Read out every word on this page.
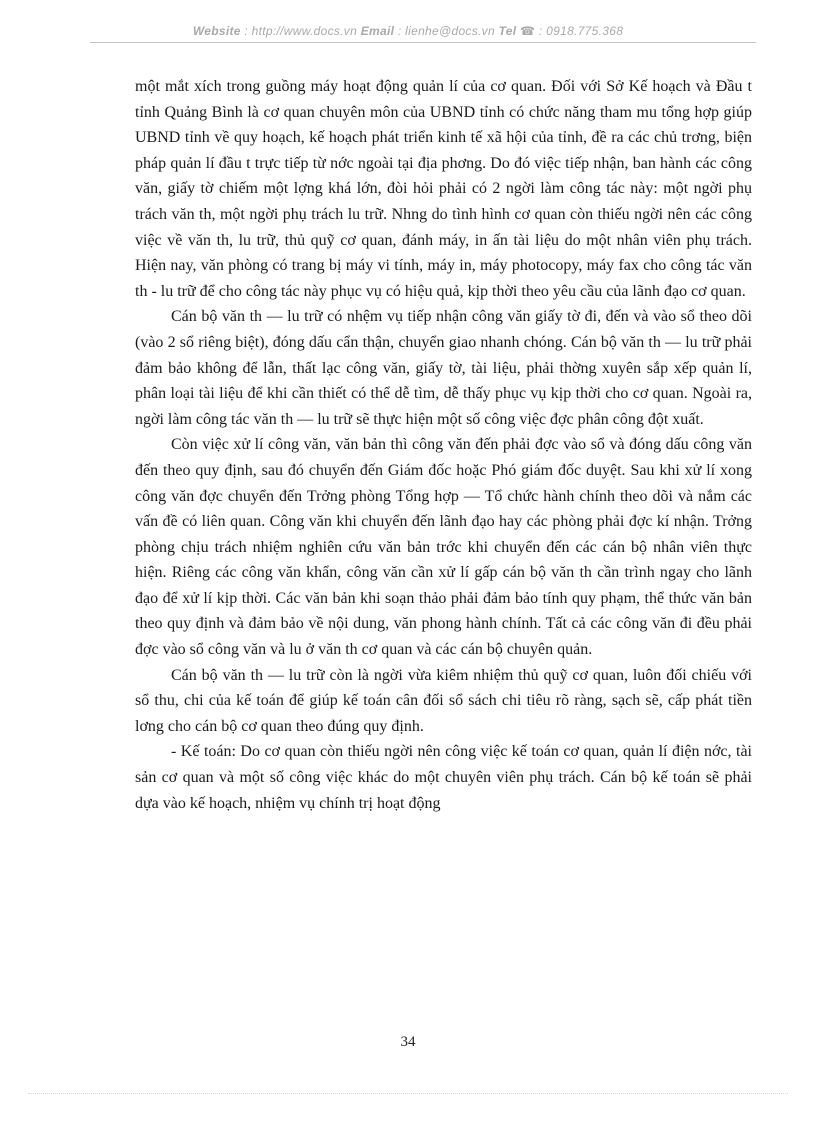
Website : http://www.docs.vn Email : lienhe@docs.vn Tel ☎ : 0918.775.368

một mắt xích trong guồng máy hoạt động quản lí của cơ quan. Đối với Sở Kế hoạch và Đầu t tỉnh Quảng Bình là cơ quan chuyên môn của UBND tỉnh có chức năng tham mu tổng hợp giúp UBND tỉnh về quy hoạch, kế hoạch phát triển kinh tế xã hội của tỉnh, đề ra các chủ trơng, biện pháp quản lí đầu t trực tiếp từ nớc ngoài tại địa phơng. Do đó việc tiếp nhận, ban hành các công văn, giấy tờ chiếm một lợng khá lớn, đòi hỏi phải có 2 ngời làm công tác này: một ngời phụ trách văn th, một ngời phụ trách lu trữ. Nhng do tình hình cơ quan còn thiếu ngời nên các công việc về văn th, lu trữ, thủ quỹ cơ quan, đánh máy, in ấn tài liệu do một nhân viên phụ trách. Hiện nay, văn phòng có trang bị máy vi tính, máy in, máy photocopy, máy fax cho công tác văn th - lu trữ để cho công tác này phục vụ có hiệu quả, kịp thời theo yêu cầu của lãnh đạo cơ quan.

Cán bộ văn th — lu trữ có nhệm vụ tiếp nhận công văn giấy tờ đi, đến và vào sổ theo dõi (vào 2 sổ riêng biệt), đóng dấu cẩn thận, chuyển giao nhanh chóng. Cán bộ văn th — lu trữ phải đảm bảo không để lẫn, thất lạc công văn, giấy tờ, tài liệu, phải thờng xuyên sắp xếp quản lí, phân loại tài liệu để khi cần thiết có thể dễ tìm, dễ thấy phục vụ kịp thời cho cơ quan. Ngoài ra, ngời làm công tác văn th — lu trữ sẽ thực hiện một số công việc đợc phân công đột xuất.

Còn việc xử lí công văn, văn bản thì công văn đến phải đợc vào sổ và đóng dấu công văn đến theo quy định, sau đó chuyển đến Giám đốc hoặc Phó giám đốc duyệt. Sau khi xử lí xong công văn đợc chuyển đến Trởng phòng Tổng hợp — Tổ chức hành chính theo dõi và nắm các vấn đề có liên quan. Công văn khi chuyển đến lãnh đạo hay các phòng phải đợc kí nhận. Trởng phòng chịu trách nhiệm nghiên cứu văn bản trớc khi chuyển đến các cán bộ nhân viên thực hiện. Riêng các công văn khẩn, công văn cần xử lí gấp cán bộ văn th cần trình ngay cho lãnh đạo để xử lí kịp thời. Các văn bản khi soạn thảo phải đảm bảo tính quy phạm, thể thức văn bản theo quy định và đảm bảo về nội dung, văn phong hành chính. Tất cả các công văn đi đều phải đợc vào sổ công văn và lu ở văn th cơ quan và các cán bộ chuyên quản.

Cán bộ văn th — lu trữ còn là ngời vừa kiêm nhiệm thủ quỹ cơ quan, luôn đối chiếu với sổ thu, chi của kế toán để giúp kế toán cân đối sổ sách chi tiêu rõ ràng, sạch sẽ, cấp phát tiền lơng cho cán bộ cơ quan theo đúng quy định.

- Kế toán: Do cơ quan còn thiếu ngời nên công việc kế toán cơ quan, quản lí điện nớc, tài sản cơ quan và một số công việc khác do một chuyên viên phụ trách. Cán bộ kế toán sẽ phải dựa vào kế hoạch, nhiệm vụ chính trị hoạt động

34
